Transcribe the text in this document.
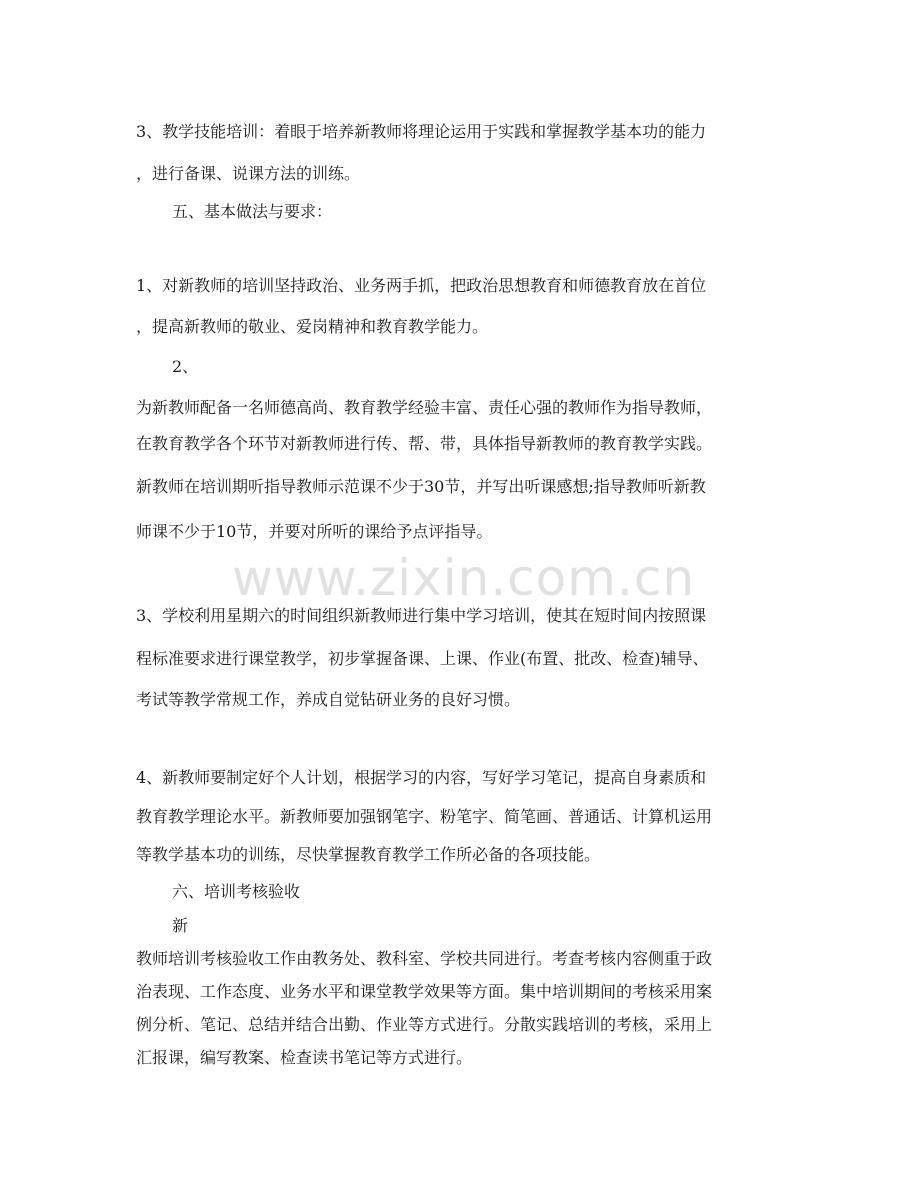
3、教学技能培训：着眼于培养新教师将理论运用于实践和掌握教学基本功的能力
，进行备课、说课方法的训练。
五、基本做法与要求：
1、对新教师的培训坚持政治、业务两手抓，把政治思想教育和师德教育放在首位
，提高新教师的敬业、爱岗精神和教育教学能力。
2、
为新教师配备一名师德高尚、教育教学经验丰富、责任心强的教师作为指导教师，
在教育教学各个环节对新教师进行传、帮、带，具体指导新教师的教育教学实践。
新教师在培训期听指导教师示范课不少于30节，并写出听课感想;指导教师听新教
师课不少于10节，并要对所听的课给予点评指导。
3、学校利用星期六的时间组织新教师进行集中学习培训，使其在短时间内按照课
程标准要求进行课堂教学，初步掌握备课、上课、作业(布置、批改、检查)辅导、
考试等教学常规工作，养成自觉钻研业务的良好习惯。
4、新教师要制定好个人计划，根据学习的内容，写好学习笔记，提高自身素质和
教育教学理论水平。新教师要加强钢笔字、粉笔字、简笔画、普通话、计算机运用
等教学基本功的训练，尽快掌握教育教学工作所必备的各项技能。
六、培训考核验收
新
教师培训考核验收工作由教务处、教科室、学校共同进行。考查考核内容侧重于政
治表现、工作态度、业务水平和课堂教学效果等方面。集中培训期间的考核采用案
例分析、笔记、总结并结合出勤、作业等方式进行。分散实践培训的考核，采用上
汇报课，编写教案、检查读书笔记等方式进行。
www.zixin.com.cn
